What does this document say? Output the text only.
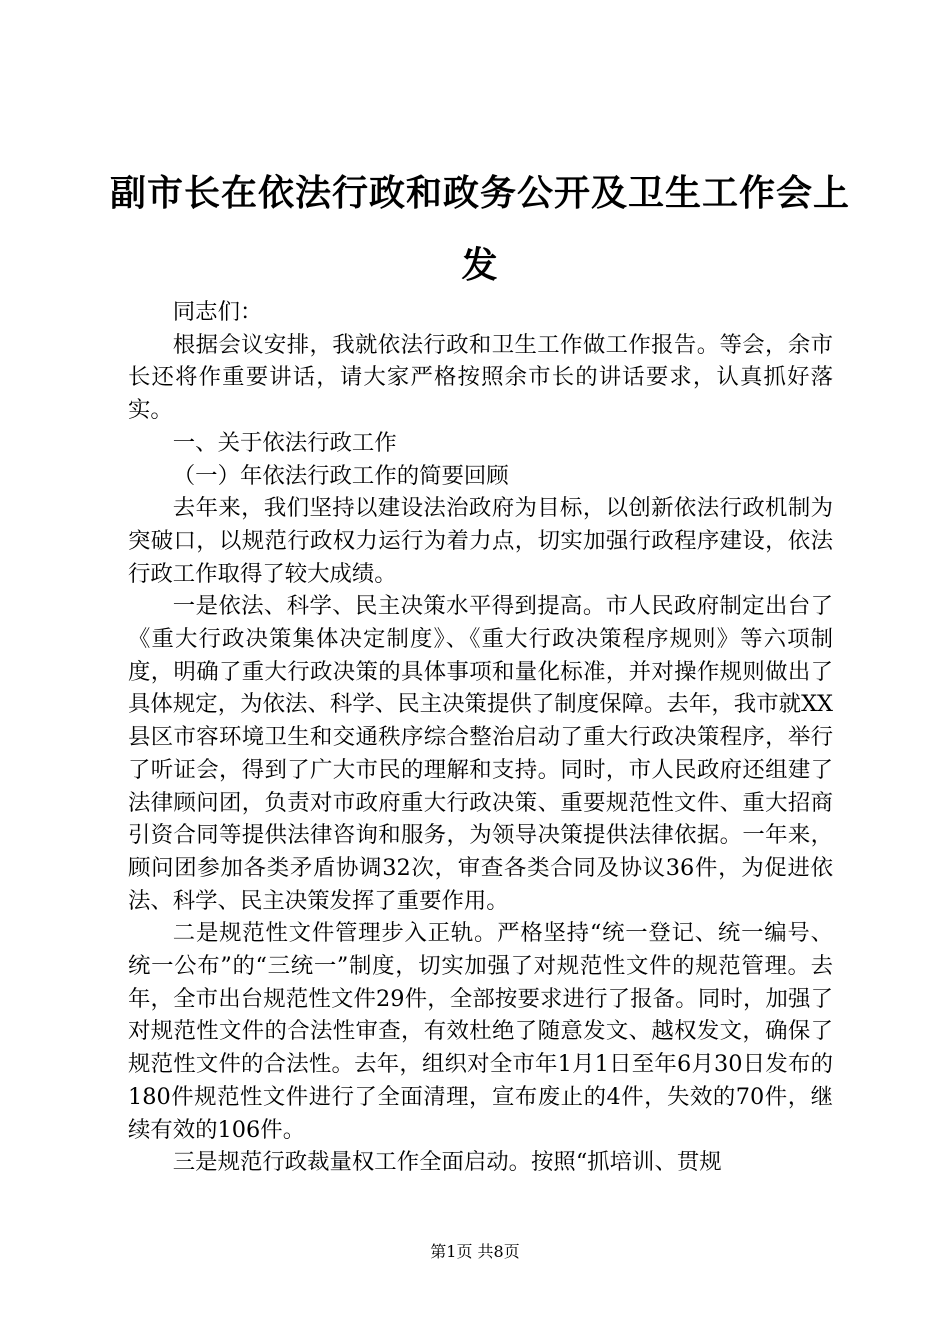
副市长在依法行政和政务公开及卫生工作会上发

同志们：

根据会议安排，我就依法行政和卫生工作做工作报告。等会，余市长还将作重要讲话，请大家严格按照余市长的讲话要求，认真抓好落实。

一、关于依法行政工作

（一）年依法行政工作的简要回顾

去年来，我们坚持以建设法治政府为目标，以创新依法行政机制为突破口，以规范行政权力运行为着力点，切实加强行政程序建设，依法行政工作取得了较大成绩。

一是依法、科学、民主决策水平得到提高。市人民政府制定出台了《重大行政决策集体决定制度》、《重大行政决策程序规则》等六项制度，明确了重大行政决策的具体事项和量化标准，并对操作规则做出了具体规定，为依法、科学、民主决策提供了制度保障。去年，我市就XX县区市容环境卫生和交通秩序综合整治启动了重大行政决策程序，举行了听证会，得到了广大市民的理解和支持。同时，市人民政府还组建了法律顾问团，负责对市政府重大行政决策、重要规范性文件、重大招商引资合同等提供法律咨询和服务，为领导决策提供法律依据。一年来，顾问团参加各类矛盾协调32次，审查各类合同及协议36件，为促进依法、科学、民主决策发挥了重要作用。

二是规范性文件管理步入正轨。严格坚持“统一登记、统一编号、统一公布”的“三统一”制度，切实加强了对规范性文件的规范管理。去年，全市出台规范性文件29件，全部按要求进行了报备。同时，加强了对规范性文件的合法性审查，有效杜绝了随意发文、越权发文，确保了规范性文件的合法性。去年，组织对全市年1月1日至年6月30日发布的180件规范性文件进行了全面清理，宣布废止的4件，失效的70件，继续有效的106件。

三是规范行政裁量权工作全面启动。按照“抓培训、贯规

第1页 共8页
